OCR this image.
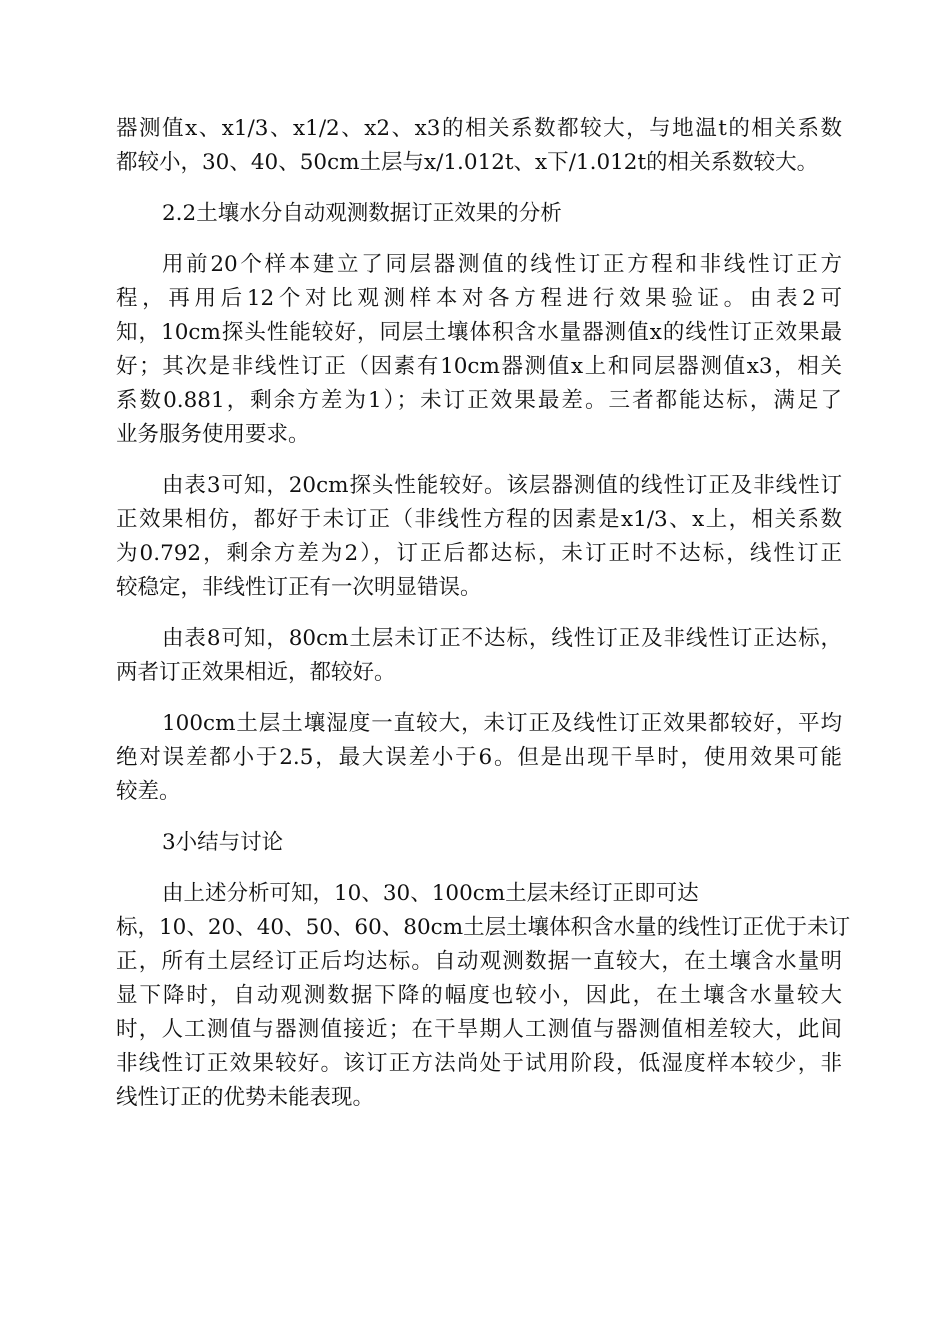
器测值x、x1/3、x1/2、x2、x3的相关系数都较大，与地温t的相关系数
都较小，30、40、50cm土层与x/1.012t、x下/1.012t的相关系数较大。
2.2土壤水分自动观测数据订正效果的分析
用前20个样本建立了同层器测值的线性订正方程和非线性订正方
程，再用后12个对比观测样本对各方程进行效果验证。由表2可
知，10cm探头性能较好，同层土壤体积含水量器测值x的线性订正效果最
好；其次是非线性订正（因素有10cm器测值x上和同层器测值x3，相关
系数0.881，剩余方差为1）；未订正效果最差。三者都能达标，满足了
业务服务使用要求。
由表3可知，20cm探头性能较好。该层器测值的线性订正及非线性订
正效果相仿，都好于未订正（非线性方程的因素是x1/3、x上，相关系数
为0.792，剩余方差为2），订正后都达标，未订正时不达标，线性订正
较稳定，非线性订正有一次明显错误。
由表8可知，80cm土层未订正不达标，线性订正及非线性订正达标，
两者订正效果相近，都较好。
100cm土层土壤湿度一直较大，未订正及线性订正效果都较好，平均
绝对误差都小于2.5，最大误差小于6。但是出现干旱时，使用效果可能
较差。
3小结与讨论
由上述分析可知，10、30、100cm土层未经订正即可达
标，10、20、40、50、60、80cm土层土壤体积含水量的线性订正优于未订
正，所有土层经订正后均达标。自动观测数据一直较大，在土壤含水量明
显下降时，自动观测数据下降的幅度也较小，因此，在土壤含水量较大
时，人工测值与器测值接近；在干旱期人工测值与器测值相差较大，此间
非线性订正效果较好。该订正方法尚处于试用阶段，低湿度样本较少，非
线性订正的优势未能表现。
